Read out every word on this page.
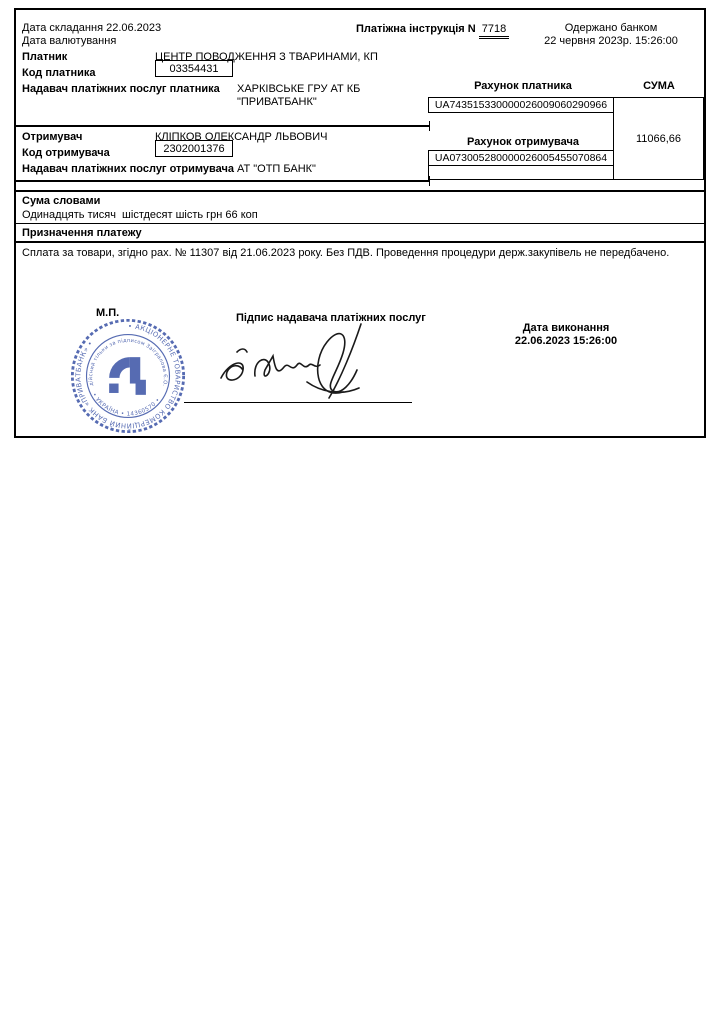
Дата складання 22.06.2023
Дата валютування
Платіжна інструкція N 7718	Одержано банком
22 червня 2023р. 15:26:00
Платник	ЦЕНТР ПОВОДЖЕННЯ З ТВАРИНАМИ, КП
Код платника	03354431
Надавач платіжних послуг платника ХАРКІВСЬКЕ ГРУ АТ КБ
"ПРИВАТБАНК"
Рахунок платника	СУМА
UA743515330000026009060290966
11066,66
Отримувач	КЛІПКОВ ОЛЕКСАНДР ЛЬВОВИЧ
Код отримувача	2302001376
Рахунок отримувача
UA073005280000026005455070864
Надавач платіжних послуг отримувача АТ "ОТП БАНК"
Сума словами
Одинадцять тисяч  шістдесят шість грн 66 коп
Призначення платежу
Сплата за товари, згідно рах. № 11307 від 21.06.2023 року. Без ПДВ. Проведення процедури держ.закупівель не передбачено.
М.П.	Підпис надавача платіжних послуг
Дата виконання
22.06.2023 15:26:00
• АКЦІОНЕРНЕ ТОВАРИСТВО КОМЕРЦІЙНИЙ БАНК «ПРИВАТБАНК» •
дійсний тільки за підписом Заігралова Є.О.
• УКРАЇНА • 14360570 •
